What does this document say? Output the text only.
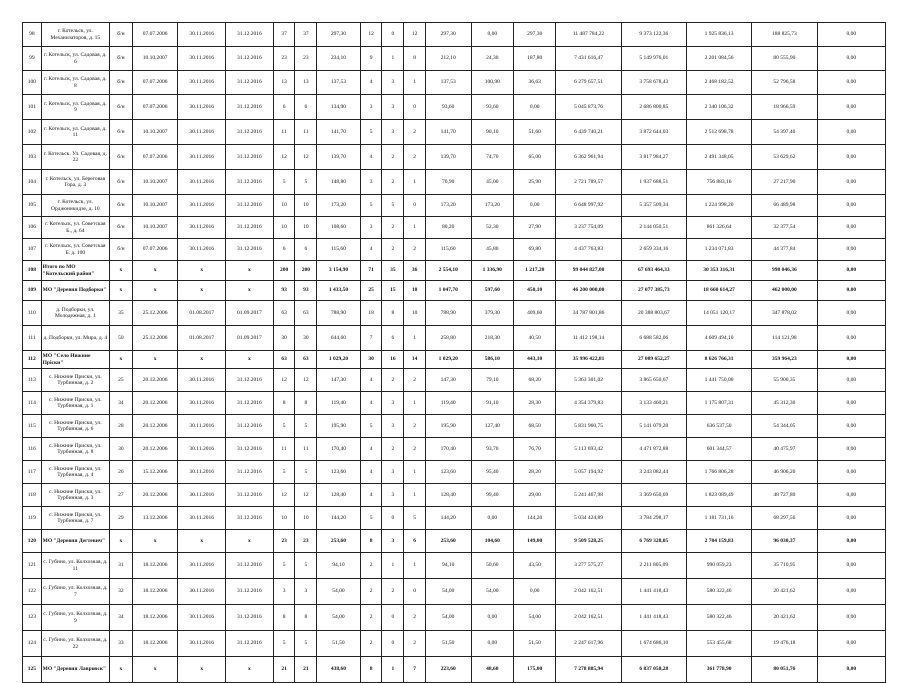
98	г. Котельск, ул. Механизаторов, д. 15	б/н	07.07.2006	30.11.2016	31.12.2016	37	37	297,30	12	0	12	297,30	0,00	297,30	11 487 784,22	9 373 122,36	1 925 836,13	188 825,73	0,00
99	г. Котельск, ул. Садовая, д. 6	б/н	10.10.2007	30.11.2016	31.12.2016	23	23	234,10	9	1	8	212,10	24,30	187,80	7 431 616,47	5 149 976,01	2 201 084,56	80 555,90	0,00
100	г. Котельск, ул. Садовая, д. 8	б/н	07.07.2006	30.11.2016	31.12.2016	13	13	137,53	4	3	1	137,53	100,90	36,63	6 279 657,51	3 758 678,43	2 468 182,52	52 796,58	0,00
101	г. Котельск, ул. Садовая, д. 9	б/н	07.07.2006	30.11.2016	31.12.2016	6	6	134,90	3	3	0	93,60	93,60	0,00	5 045 873,76	2 686 800,85	2 340 106,32	18 966,59	0,00
102	г. Котельск, ул. Садовая, д. 11	б/н	10.10.2007	30.11.2016	31.12.2016	11	11	141,70	5	3	2	141,70	90,10	51,60	6 439 740,21	3 872 644,03	2 512 698,78	54 397,40	0,00
103	г. Котельск. Ул. Садовая, д. 22	б/н	07.07.2006	30.11.2016	31.12.2016	12	12	139,70	4	2	2	139,70	74,70	65,00	6 362 961,94	3 817 984,27	2 491 348,05	53 629,62	0,00
104	г. Котельск, ул. Береговая Гора, д. 3	б/н	10.10.2007	30.11.2016	31.12.2016	5	5	148,80	3	2	1	70,90	45,00	25,90	2 721 789,57	1 937 688,51	756 883,16	27 217,90	0,00
105	г. Котельск, ул. Орджоникидзе, д. 10	б/н	10.10.2007	30.11.2016	31.12.2016	10	10	173,20	5	5	0	173,20	173,20	0,00	6 648 997,92	5 357 509,34	1 224 998,20	66 489,98	0,00
106	г. Котельск, ул. Советская Б., д. 64	б/н	10.10.2007	30.11.2016	31.12.2016	10	10	108,60	3	2	1	80,20	52,30	27,90	3 237 754,09	2 144 050,51	861 326,64	32 377,54	0,00
107	г. Котельск, ул. Советская Б. д. 100	б/н	07.07.2006	30.11.2016	31.12.2016	6	6	115,60	4	2	2	115,60	45,80	69,80	4 437 763,83	2 659 334,16	1 234 071,83	44 377,84	0,00
108	Итого по МО "Котельский район"	х	х	х	х	200	200	3 154,90	71	35	36	2 554,10	1 336,90	1 217,20	99 044 827,00	67 693 464,33	30 353 316,31	998 046,36	0,00
109	МО "Деревня Подборки"	х	х	х	х	93	93	1 433,50	25	15	10	1 047,70	597,60	450,10	46 200 000,00	27 077 385,73	18 660 614,27	462 000,00	0,00
110	д. Подборки, ул. Молодежная, д. 1	35	25.12.2006	01.08.2017	01.09.2017	63	63	788,90	18	8	10	788,90	379,30	409,60	34 787 801,86	20 388 803,67	14 051 120,17	347 878,02	0,00
111	д. Подборки, ул. Мира, д. 4	50	25.12.2006	01.08.2017	01.09.2017	30	30	644,60	7	6	1	258,80	218,30	40,50	11 412 198,14	6 688 582,06	4 609 494,10	114 121,98	0,00
112	МО "Село Нижние Пріски"	х	х	х	х	63	63	1 029,20	30	16	14	1 029,20	586,10	443,10	35 996 422,81	27 009 652,27	8 626 766,31	359 964,23	0,00
113	с. Нижние Приски, ул. Турбинная, д. 2	25	20.12.2006	30.11.2016	31.12.2016	12	12	147,30	4	2	2	147,30	79,10	68,20	5 363 301,02	3 865 650,67	1 441 750,00	55 900,35	0,00
114	с. Нижние Приски, ул. Турбинная, д. 1	34	20.12.2006	30.11.2016	31.12.2016	8	8	119,40	4	3	1	119,40	91,10	28,30	4 354 379,83	3 133 460,21	1 175 807,31	45 312,30	0,00
115	с. Нижние Приски, ул. Турбинная, д. 6	28	20.12.2006	30.11.2016	31.12.2016	5	5	195,90	5	3	2	195,90	127,40	68,50	5 831 960,75	5 141 079,20	636 537,50	54 344,05	0,00
116	с. Нижние Приски, ул. Турбинная, д. 8	30	20.12.2006	30.11.2016	31.12.2016	11	11	170,40	4	2	2	170,40	93,70	76,70	5 113 693,42	4 471 872,88	601 344,57	40 475,97	0,00
117	с. Нижние Приски, ул. Турбинная, д. 4	26	15.12.2006	30.11.2016	31.12.2016	5	5	123,60	4	3	1	123,60	95,40	28,20	5 057 194,92	3 243 082,44	1 766 806,28	46 906,20	0,00
118	с. Нижние Приски, ул. Турбинная, д. 3	27	20.12.2006	30.11.2016	31.12.2016	12	12	128,40	4	3	1	128,40	99,40	29,00	5 241 467,98	3 369 650,69	1 823 089,49	48 727,80	0,00
119	с. Нижние Приски, ул. Турбинная, д. 7	29	13.12.2006	30.11.2016	31.12.2016	10	10	144,20	5	0	5	144,20	0,00	144,20	5 034 424,89	3 784 298,17	1 181 731,16	68 297,56	0,00
120	МО "Деревня Дегтевич"	х	х	х	х	23	23	253,60	8	3	6	253,60	104,60	149,00	9 509 528,25	6 769 328,05	2 704 159,83	96 030,37	0,00
121	с. Губино, ул. Колхозная, д. 11	31	18.12.2006	30.11.2016	31.12.2016	5	5	94,10	2	1	1	94,10	50,60	43,50	3 277 575,27	2 211 805,09	990 059,23	35 710,95	0,00
122	с. Губино, ул. Колхозная, д. 7	32	18.12.2006	30.11.2016	31.12.2016	3	3	54,00	2	2	0	54,00	54,00	0,00	2 042 162,51	1 441 418,43	580 322,46	20 421,62	0,00
123	с. Губино, ул. Колхозная, д. 9	34	18.12.2006	30.11.2016	31.12.2016	8	8	54,00	2	0	2	54,00	0,00	54,00	2 042 162,51	1 441 418,43	580 322,46	20 421,62	0,00
124	с. Губино, ул. Колхозная, д. 22	33	18.12.2006	30.11.2016	31.12.2016	5	5	51,50	2	0	2	51,50	0,00	51,50	2 247 617,96	1 674 686,10	553 455,68	19 476,18	0,00
125	МО "Деревня Лавровск"	х	х	х	х	21	21	438,60	8	1	7	223,60	48,60	175,00	7 278 885,94	6 837 058,28	361 778,90	80 051,76	0,00
